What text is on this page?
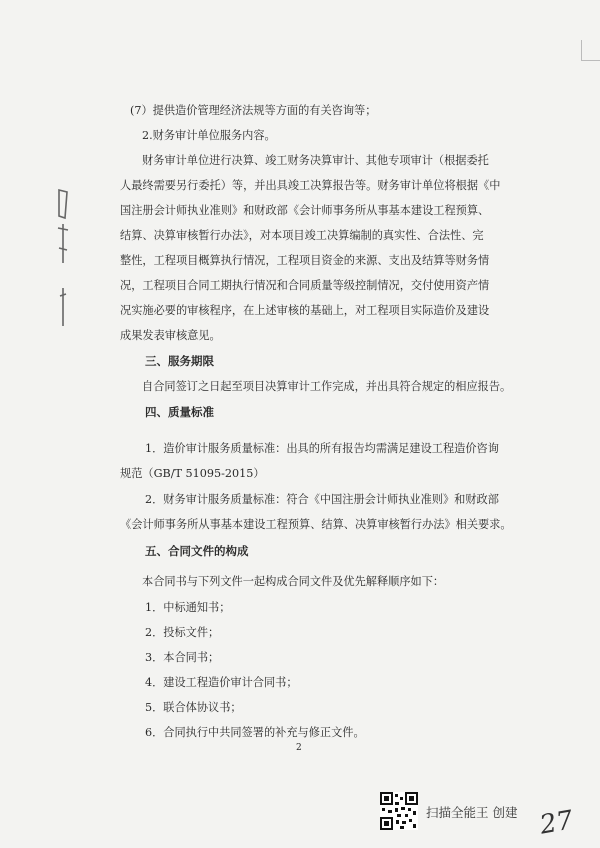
(7）提供造价管理经济法规等方面的有关咨询等；
2.财务审计单位服务内容。
财务审计单位进行决算、竣工财务决算审计、其他专项审计（根据委托
人最终需要另行委托）等，并出具竣工决算报告等。财务审计单位将根据《中
国注册会计师执业准则》和财政部《会计师事务所从事基本建设工程预算、
结算、决算审核暂行办法》，对本项目竣工决算编制的真实性、合法性、完
整性，工程项目概算执行情况，工程项目资金的来源、支出及结算等财务情
况，工程项目合同工期执行情况和合同质量等级控制情况，交付使用资产情
况实施必要的审核程序，在上述审核的基础上，对工程项目实际造价及建设
成果发表审核意见。
三、服务期限
自合同签订之日起至项目决算审计工作完成，并出具符合规定的相应报告。
四、质量标准
1．造价审计服务质量标准：出具的所有报告均需满足建设工程造价咨询
规范（GB/T 51095-2015）
2．财务审计服务质量标准：符合《中国注册会计师执业准则》和财政部
《会计师事务所从事基本建设工程预算、结算、决算审核暂行办法》相关要求。
五、合同文件的构成
本合同书与下列文件一起构成合同文件及优先解释顺序如下：
1．中标通知书；
2．投标文件；
3．本合同书；
4．建设工程造价审计合同书；
5．联合体协议书；
6．合同执行中共同签署的补充与修正文件。
2
扫描全能王 创建 27
